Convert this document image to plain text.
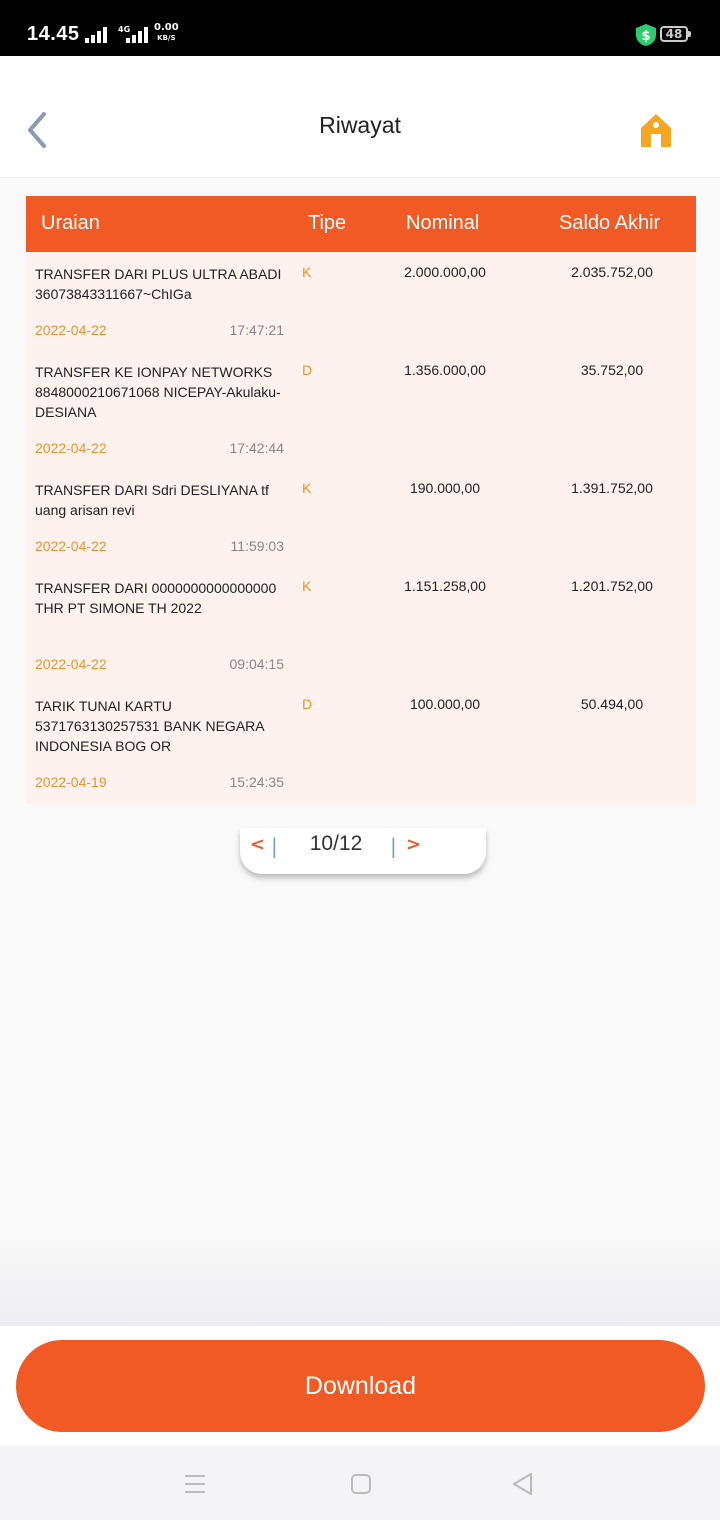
14.45	4G 0.00
KB/S	$	48
Riwayat
Uraian	Tipe	Nominal	Saldo Akhir
TRANSFER DARI PLUS ULTRA ABADI 36073843311667~ChIGa
K	2.000.000,00	2.035.752,00
2022-04-22	17:47:21
TRANSFER KE IONPAY NETWORKS 8848000210671068 NICEPAY-Akulaku-DESIANA
D	1.356.000,00	35.752,00
2022-04-22	17:42:44
TRANSFER DARI Sdri DESLIYANA tf uang arisan revi
K	190.000,00	1.391.752,00
2022-04-22	11:59:03
TRANSFER DARI 0000000000000000 THR PT SIMONE TH 2022
K	1.151.258,00	1.201.752,00
2022-04-22	09:04:15
TARIK TUNAI KARTU 5371763130257531 BANK NEGARA INDONESIA BOG OR
D	100.000,00	50.494,00
2022-04-19	15:24:35
< |	10/12	| >
Download
